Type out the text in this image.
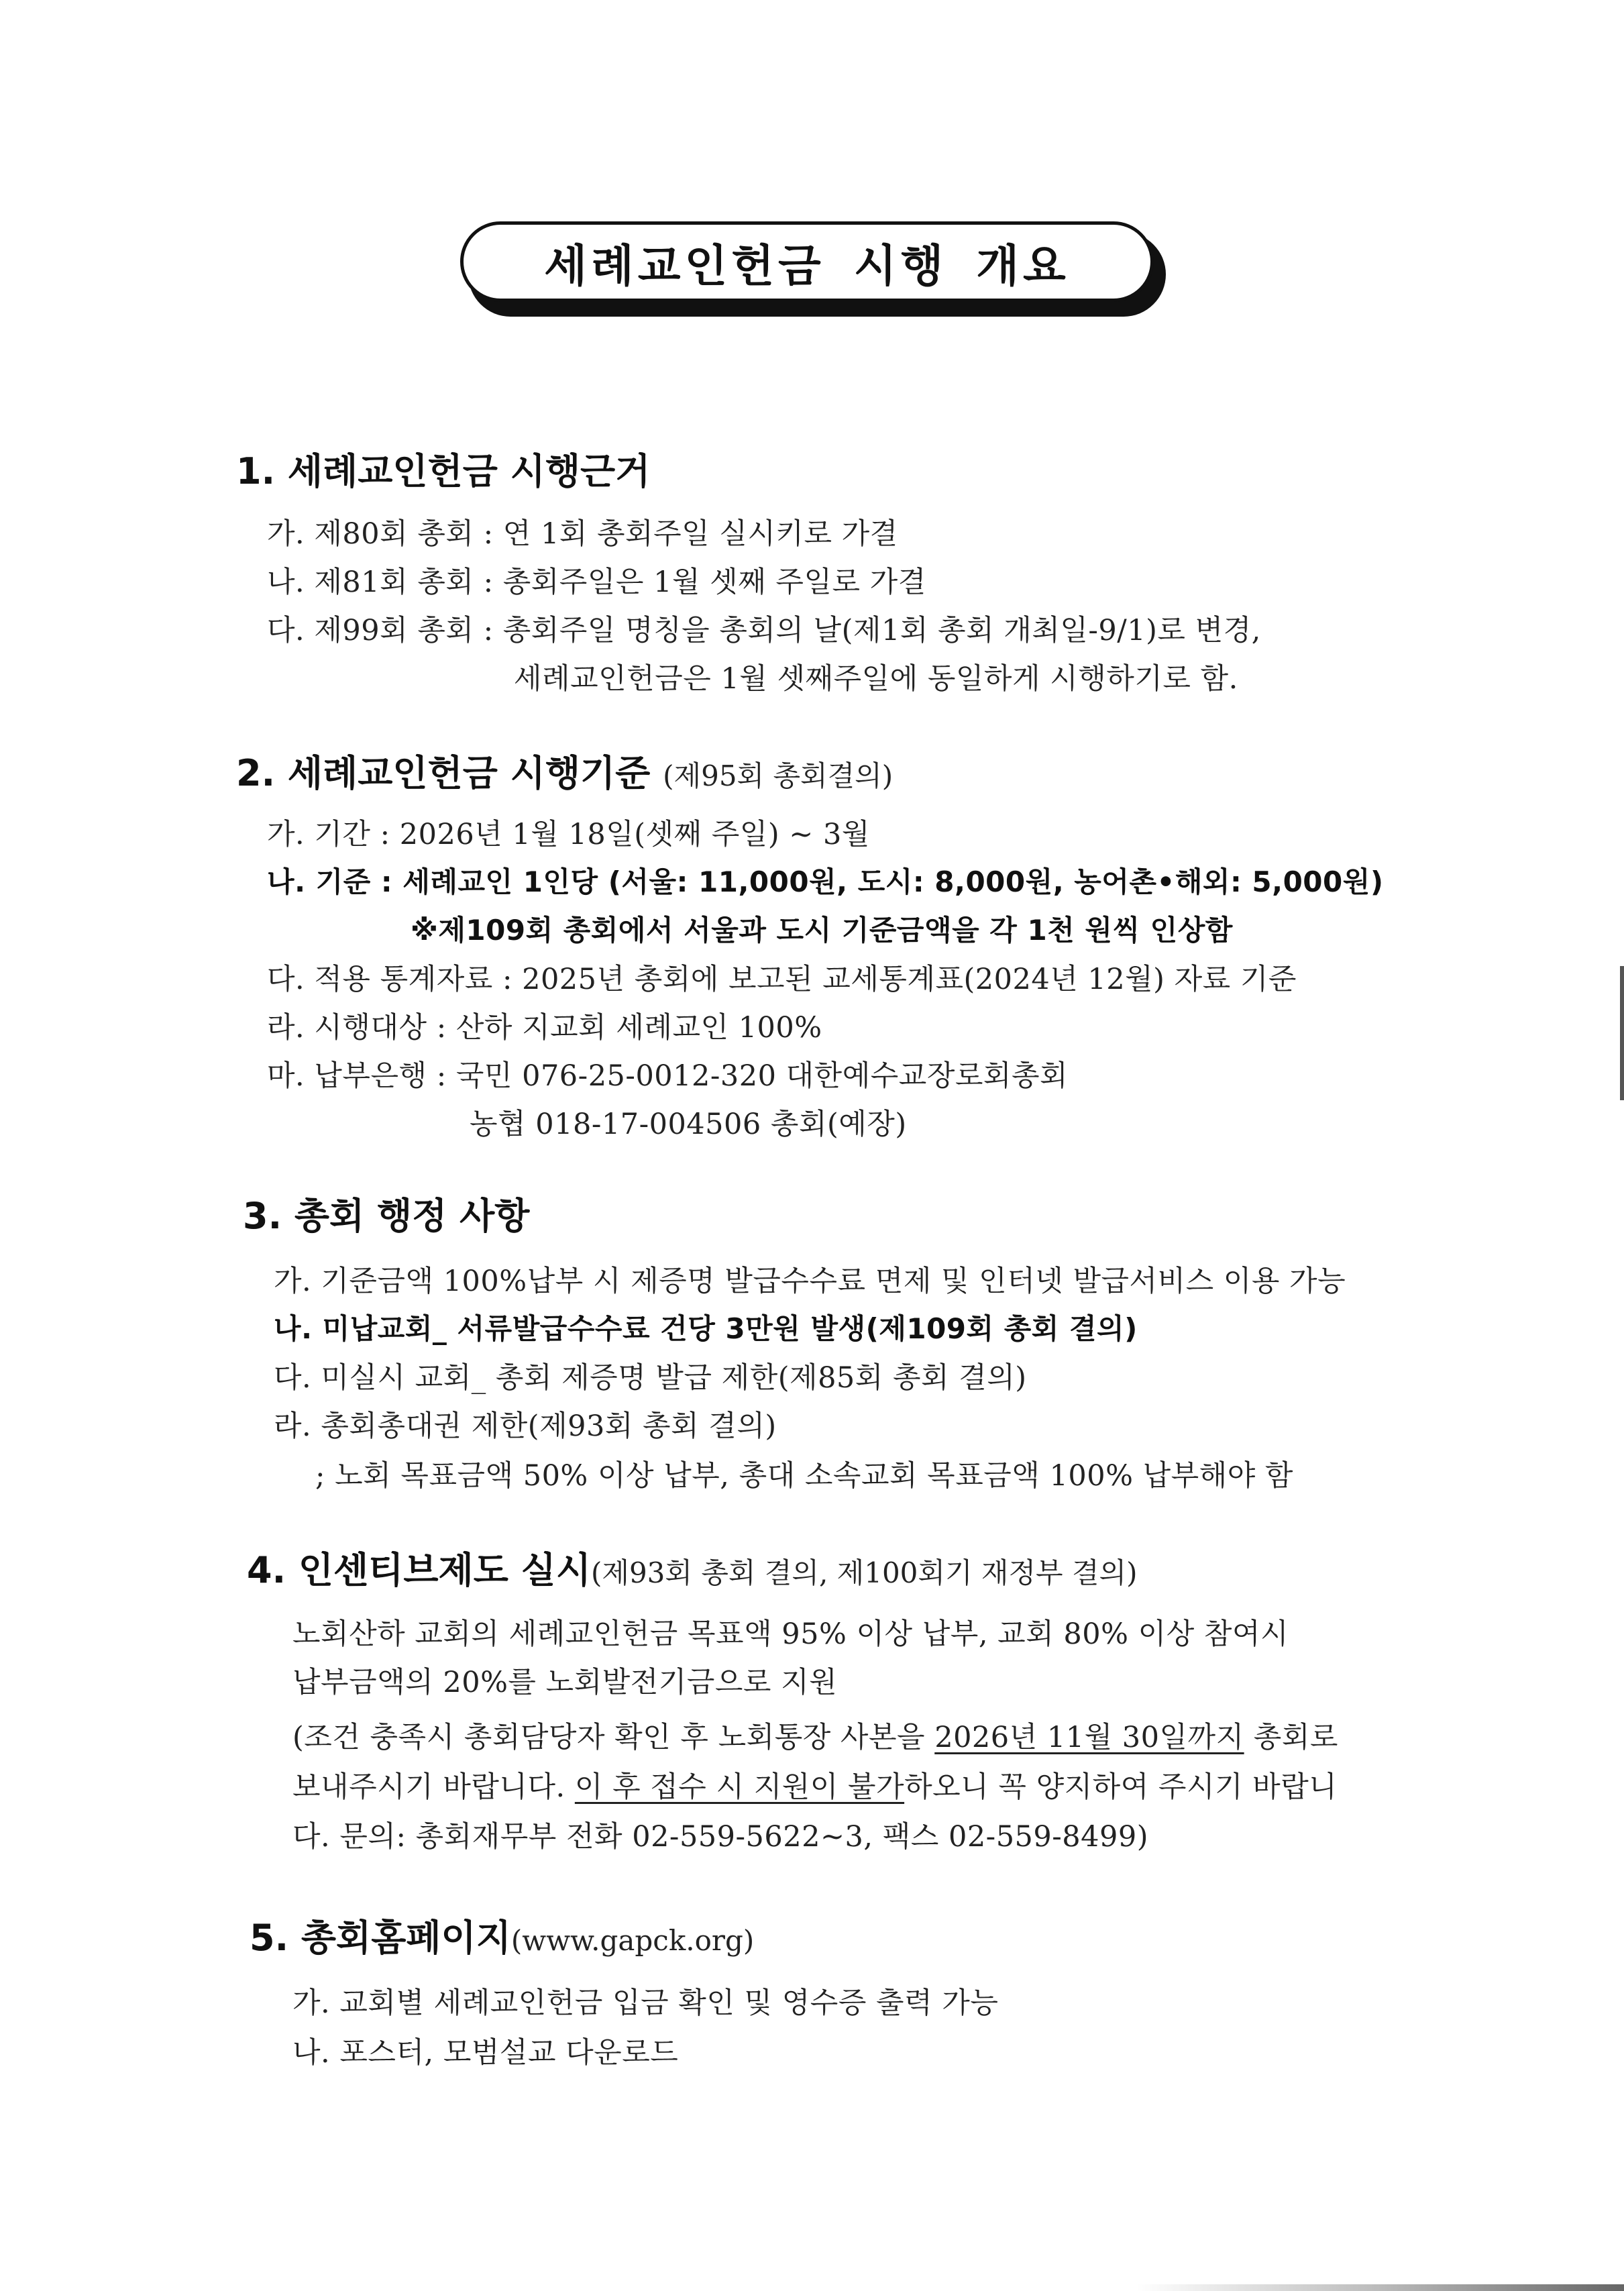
세례교인헌금 시행 개요
1. 세례교인헌금 시행근거
가. 제80회 총회 : 연 1회 총회주일 실시키로 가결
나. 제81회 총회 : 총회주일은 1월 셋째 주일로 가결
다. 제99회 총회 : 총회주일 명칭을 총회의 날(제1회 총회 개최일-9/1)로 변경,
세례교인헌금은 1월 셋째주일에 동일하게 시행하기로 함.
2. 세례교인헌금 시행기준 (제95회 총회결의)
가. 기간 : 2026년 1월 18일(셋째 주일) ~ 3월
나. 기준 : 세례교인 1인당 (서울: 11,000원, 도시: 8,000원, 농어촌•해외: 5,000원)
※제109회 총회에서 서울과 도시 기준금액을 각 1천 원씩 인상함
다. 적용 통계자료 : 2025년 총회에 보고된 교세통계표(2024년 12월) 자료 기준
라. 시행대상 : 산하 지교회 세례교인 100%
마. 납부은행 : 국민 076-25-0012-320 대한예수교장로회총회
농협 018-17-004506 총회(예장)
3. 총회 행정 사항
가. 기준금액 100%납부 시 제증명 발급수수료 면제 및 인터넷 발급서비스 이용 가능
나. 미납교회_ 서류발급수수료 건당 3만원 발생(제109회 총회 결의)
다. 미실시 교회_ 총회 제증명 발급 제한(제85회 총회 결의)
라. 총회총대권 제한(제93회 총회 결의)
; 노회 목표금액 50% 이상 납부, 총대 소속교회 목표금액 100% 납부해야 함
4. 인센티브제도 실시(제93회 총회 결의, 제100회기 재정부 결의)
노회산하 교회의 세례교인헌금 목표액 95% 이상 납부, 교회 80% 이상 참여시
납부금액의 20%를 노회발전기금으로 지원
(조건 충족시 총회담당자 확인 후 노회통장 사본을 2026년 11월 30일까지 총회로
보내주시기 바랍니다. 이 후 접수 시 지원이 불가하오니 꼭 양지하여 주시기 바랍니
다. 문의: 총회재무부 전화 02-559-5622~3, 팩스 02-559-8499)
5. 총회홈페이지(www.gapck.org)
가. 교회별 세례교인헌금 입금 확인 및 영수증 출력 가능
나. 포스터, 모범설교 다운로드
